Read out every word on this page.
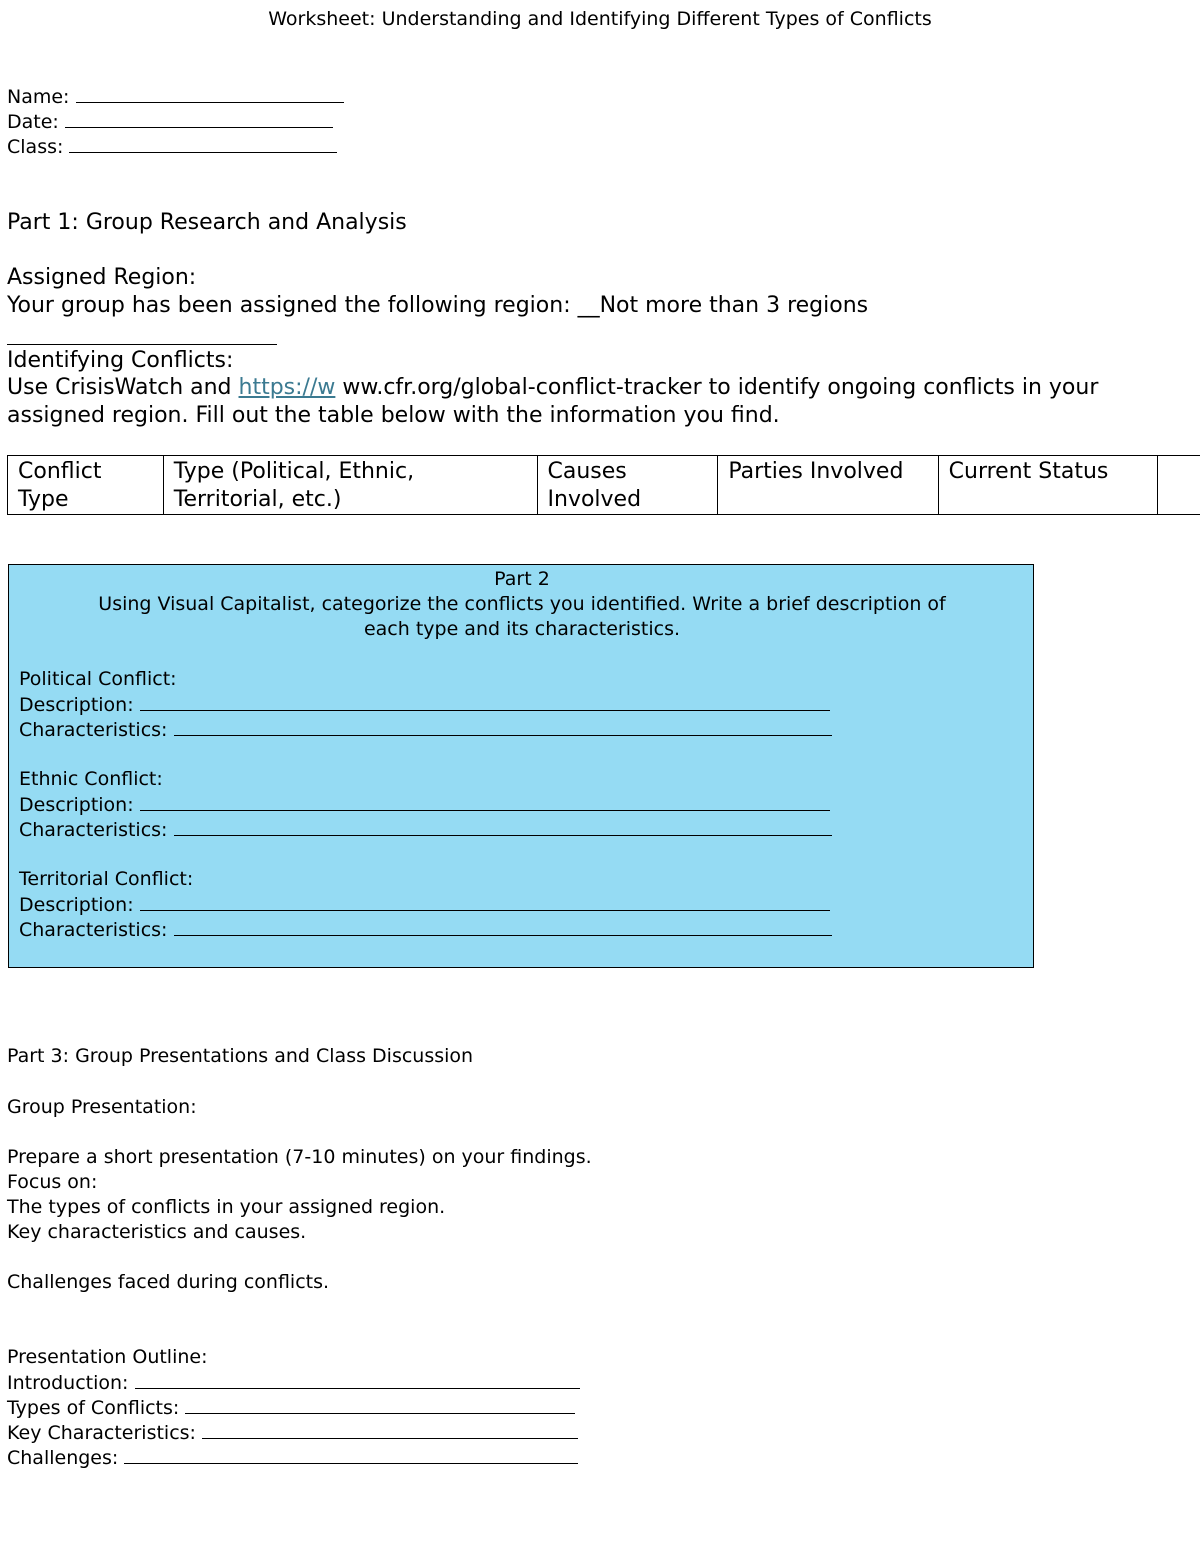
Worksheet: Understanding and Identifying Different Types of Conflicts
Name:
Date:
Class:
Part 1: Group Research and Analysis
Assigned Region:
Your group has been assigned the following region: __Not more than 3 regions
Identifying Conflicts:
Use CrisisWatch and https://w ww.cfr.org/global-conflict-tracker to identify ongoing conflicts in your
assigned region. Fill out the table below with the information you find.
Conflict Type	Type (Political, Ethnic, Territorial, etc.)	Causes Involved	Parties Involved	Current Status	
Part 2
Using Visual Capitalist, categorize the conflicts you identified. Write a brief description of
each type and its characteristics.
Political Conflict:
Description:
Characteristics:
Ethnic Conflict:
Description:
Characteristics:
Territorial Conflict:
Description:
Characteristics:
Part 3: Group Presentations and Class Discussion
Group Presentation:
Prepare a short presentation (7-10 minutes) on your findings.
Focus on:
The types of conflicts in your assigned region.
Key characteristics and causes.
Challenges faced during conflicts.
Presentation Outline:
Introduction:
Types of Conflicts:
Key Characteristics:
Challenges:
